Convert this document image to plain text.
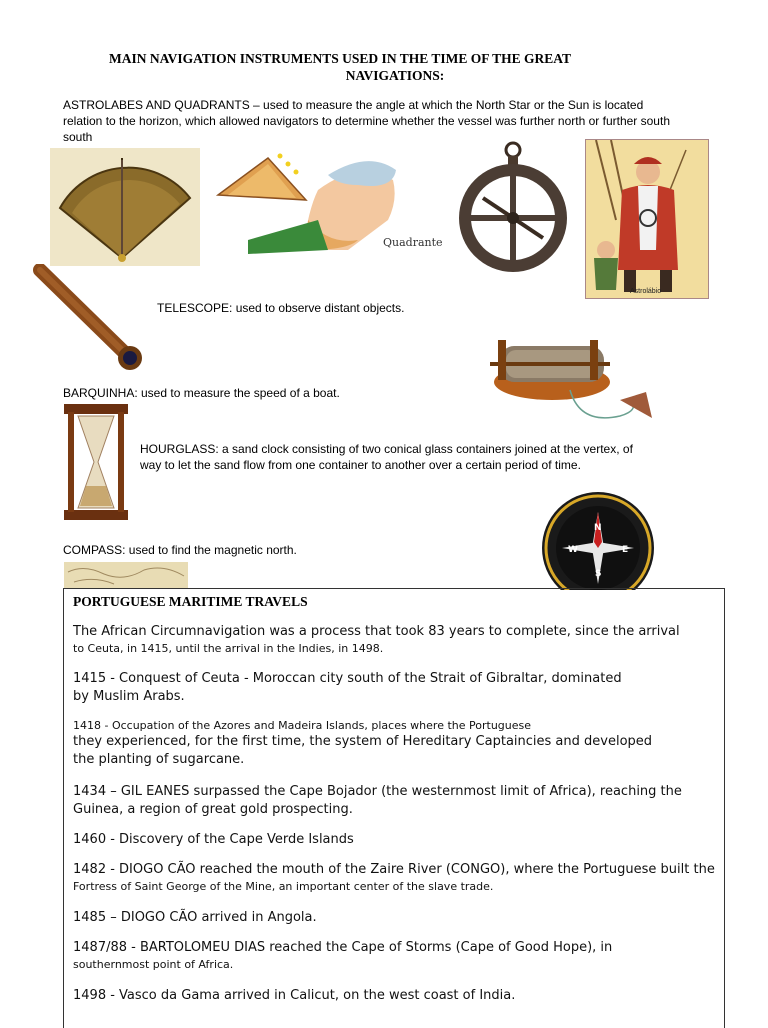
MAIN NAVIGATION INSTRUMENTS USED IN THE TIME OF THE GREAT
NAVIGATIONS:
ASTROLABES AND QUADRANTS – used to measure the angle at which the North Star or the Sun is located
relation to the horizon, which allowed navigators to determine whether the vessel was further north or further south
south
Quadrante
Astrolábio
TELESCOPE: used to observe distant objects.
BARQUINHA: used to measure the speed of a boat.
HOURGLASS: a sand clock consisting of two conical glass containers joined at the vertex, of
way to let the sand flow from one container to another over a certain period of time.
N
E
W
S
COMPASS: used to find the magnetic north.
PORTUGUESE MARITIME TRAVELS
The African Circumnavigation was a process that took 83 years to complete, since the arrival
to Ceuta, in 1415, until the arrival in the Indies, in 1498.
1415 - Conquest of Ceuta - Moroccan city south of the Strait of Gibraltar, dominated
by Muslim Arabs.
1418 - Occupation of the Azores and Madeira Islands, places where the Portuguese
they experienced, for the first time, the system of Hereditary Captaincies and developed
the planting of sugarcane.
1434 – GIL EANES surpassed the Cape Bojador (the westernmost limit of Africa), reaching the
Guinea, a region of great gold prospecting.
1460 - Discovery of the Cape Verde Islands
1482 - DIOGO CÃO reached the mouth of the Zaire River (CONGO), where the Portuguese built the
Fortress of Saint George of the Mine, an important center of the slave trade.
1485 – DIOGO CÃO arrived in Angola.
1487/88 - BARTOLOMEU DIAS reached the Cape of Storms (Cape of Good Hope), in
southernmost point of Africa.
1498 - Vasco da Gama arrived in Calicut, on the west coast of India.
